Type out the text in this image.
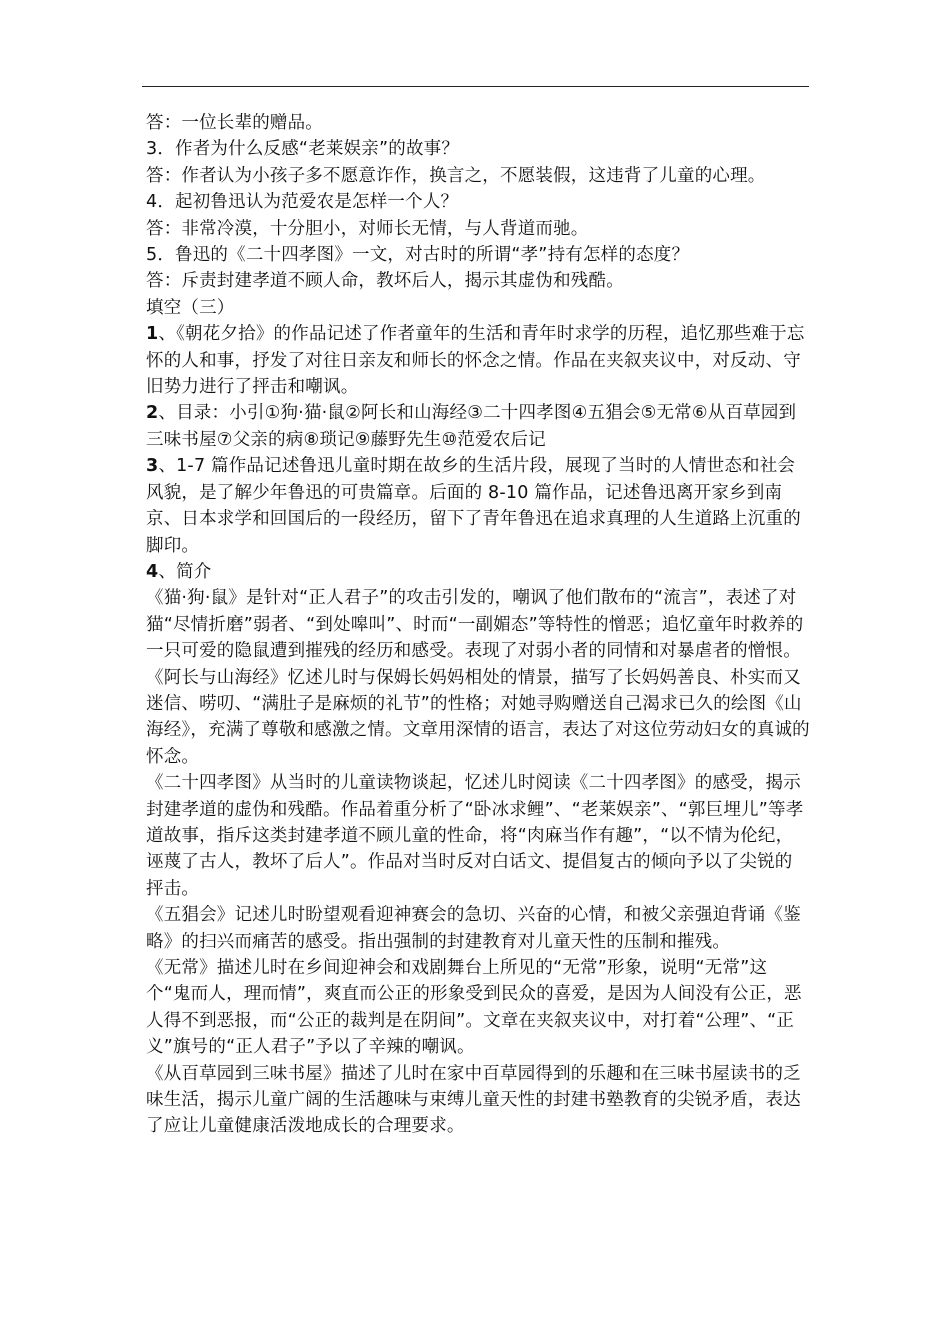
答：一位长辈的赠品。

3．作者为什么反感“老莱娱亲”的故事？

答：作者认为小孩子多不愿意诈作，换言之，不愿装假，这违背了儿童的心理。

4．起初鲁迅认为范爱农是怎样一个人？

答：非常冷漠，十分胆小，对师长无情，与人背道而驰。

5．鲁迅的《二十四孝图》一文，对古时的所谓“孝”持有怎样的态度？

答：斥责封建孝道不顾人命，教坏后人，揭示其虚伪和残酷。

填空（三）

1、《朝花夕拾》的作品记述了作者童年的生活和青年时求学的历程，追忆那些难于忘怀的人和事，抒发了对往日亲友和师长的怀念之情。作品在夹叙夹议中，对反动、守旧势力进行了抨击和嘲讽。

2、目录：小引①狗·猫·鼠②阿长和山海经③二十四孝图④五猖会⑤无常⑥从百草园到三味书屋⑦父亲的病⑧琐记⑨藤野先生⑩范爱农后记

3、1-7 篇作品记述鲁迅儿童时期在故乡的生活片段，展现了当时的人情世态和社会风貌，是了解少年鲁迅的可贵篇章。后面的 8-10 篇作品，记述鲁迅离开家乡到南京、日本求学和回国后的一段经历，留下了青年鲁迅在追求真理的人生道路上沉重的脚印。

4、简介

《猫·狗·鼠》是针对“正人君子”的攻击引发的，嘲讽了他们散布的“流言”，表述了对猫“尽情折磨”弱者、“到处嗥叫”、时而“一副媚态”等特性的憎恶；追忆童年时救养的一只可爱的隐鼠遭到摧残的经历和感受。表现了对弱小者的同情和对暴虐者的憎恨。

《阿长与山海经》忆述儿时与保姆长妈妈相处的情景，描写了长妈妈善良、朴实而又迷信、唠叨、“满肚子是麻烦的礼节”的性格；对她寻购赠送自己渴求已久的绘图《山海经》，充满了尊敬和感激之情。文章用深情的语言，表达了对这位劳动妇女的真诚的怀念。

《二十四孝图》从当时的儿童读物谈起，忆述儿时阅读《二十四孝图》的感受，揭示封建孝道的虚伪和残酷。作品着重分析了“卧冰求鲤”、“老莱娱亲”、“郭巨埋儿”等孝道故事，指斥这类封建孝道不顾儿童的性命，将“肉麻当作有趣”，“以不情为伦纪，诬蔑了古人，教坏了后人”。作品对当时反对白话文、提倡复古的倾向予以了尖锐的抨击。

《五猖会》记述儿时盼望观看迎神赛会的急切、兴奋的心情，和被父亲强迫背诵《鉴略》的扫兴而痛苦的感受。指出强制的封建教育对儿童天性的压制和摧残。

《无常》描述儿时在乡间迎神会和戏剧舞台上所见的“无常”形象，说明“无常”这个“鬼而人，理而情”，爽直而公正的形象受到民众的喜爱，是因为人间没有公正，恶人得不到恶报，而“公正的裁判是在阴间”。文章在夹叙夹议中，对打着“公理”、“正义”旗号的“正人君子”予以了辛辣的嘲讽。

《从百草园到三味书屋》描述了儿时在家中百草园得到的乐趣和在三味书屋读书的乏味生活，揭示儿童广阔的生活趣味与束缚儿童天性的封建书塾教育的尖锐矛盾，表达了应让儿童健康活泼地成长的合理要求。
